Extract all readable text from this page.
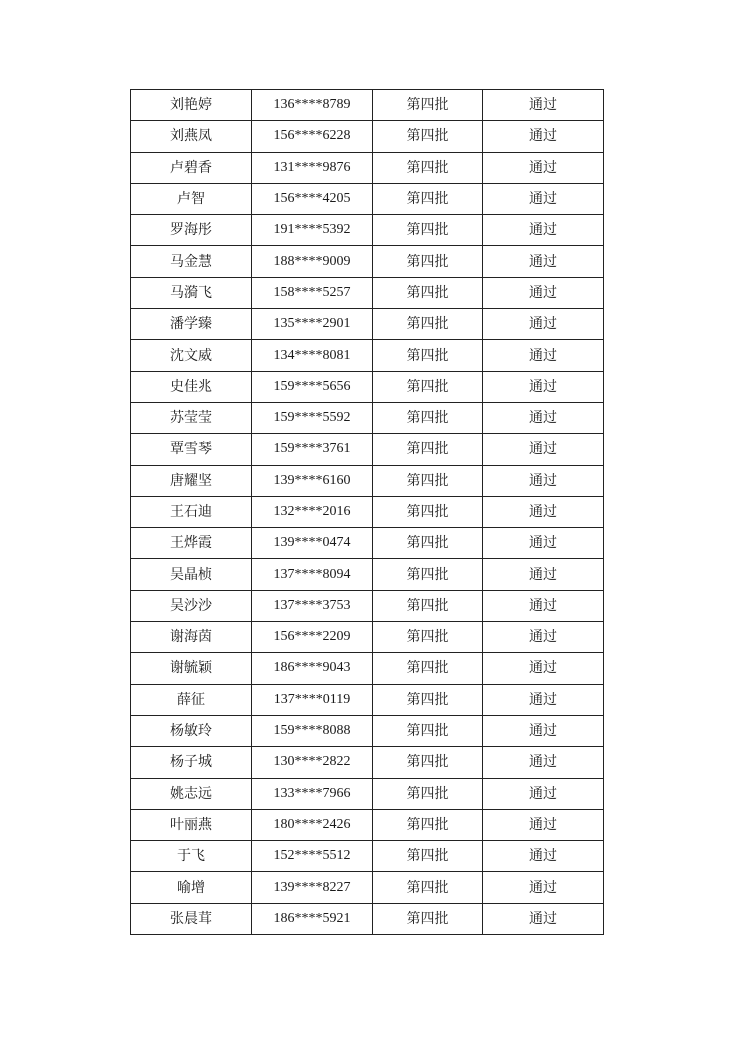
刘艳婷	136****8789	第四批	通过
刘燕凤	156****6228	第四批	通过
卢碧香	131****9876	第四批	通过
卢智	156****4205	第四批	通过
罗海彤	191****5392	第四批	通过
马金慧	188****9009	第四批	通过
马漪飞	158****5257	第四批	通过
潘学臻	135****2901	第四批	通过
沈文威	134****8081	第四批	通过
史佳兆	159****5656	第四批	通过
苏莹莹	159****5592	第四批	通过
覃雪琴	159****3761	第四批	通过
唐耀坚	139****6160	第四批	通过
王石迪	132****2016	第四批	通过
王烨霞	139****0474	第四批	通过
吴晶桢	137****8094	第四批	通过
吴沙沙	137****3753	第四批	通过
谢海茵	156****2209	第四批	通过
谢毓颖	186****9043	第四批	通过
薛征	137****0119	第四批	通过
杨敏玲	159****8088	第四批	通过
杨子城	130****2822	第四批	通过
姚志远	133****7966	第四批	通过
叶丽燕	180****2426	第四批	通过
于飞	152****5512	第四批	通过
喻增	139****8227	第四批	通过
张晨茸	186****5921	第四批	通过
